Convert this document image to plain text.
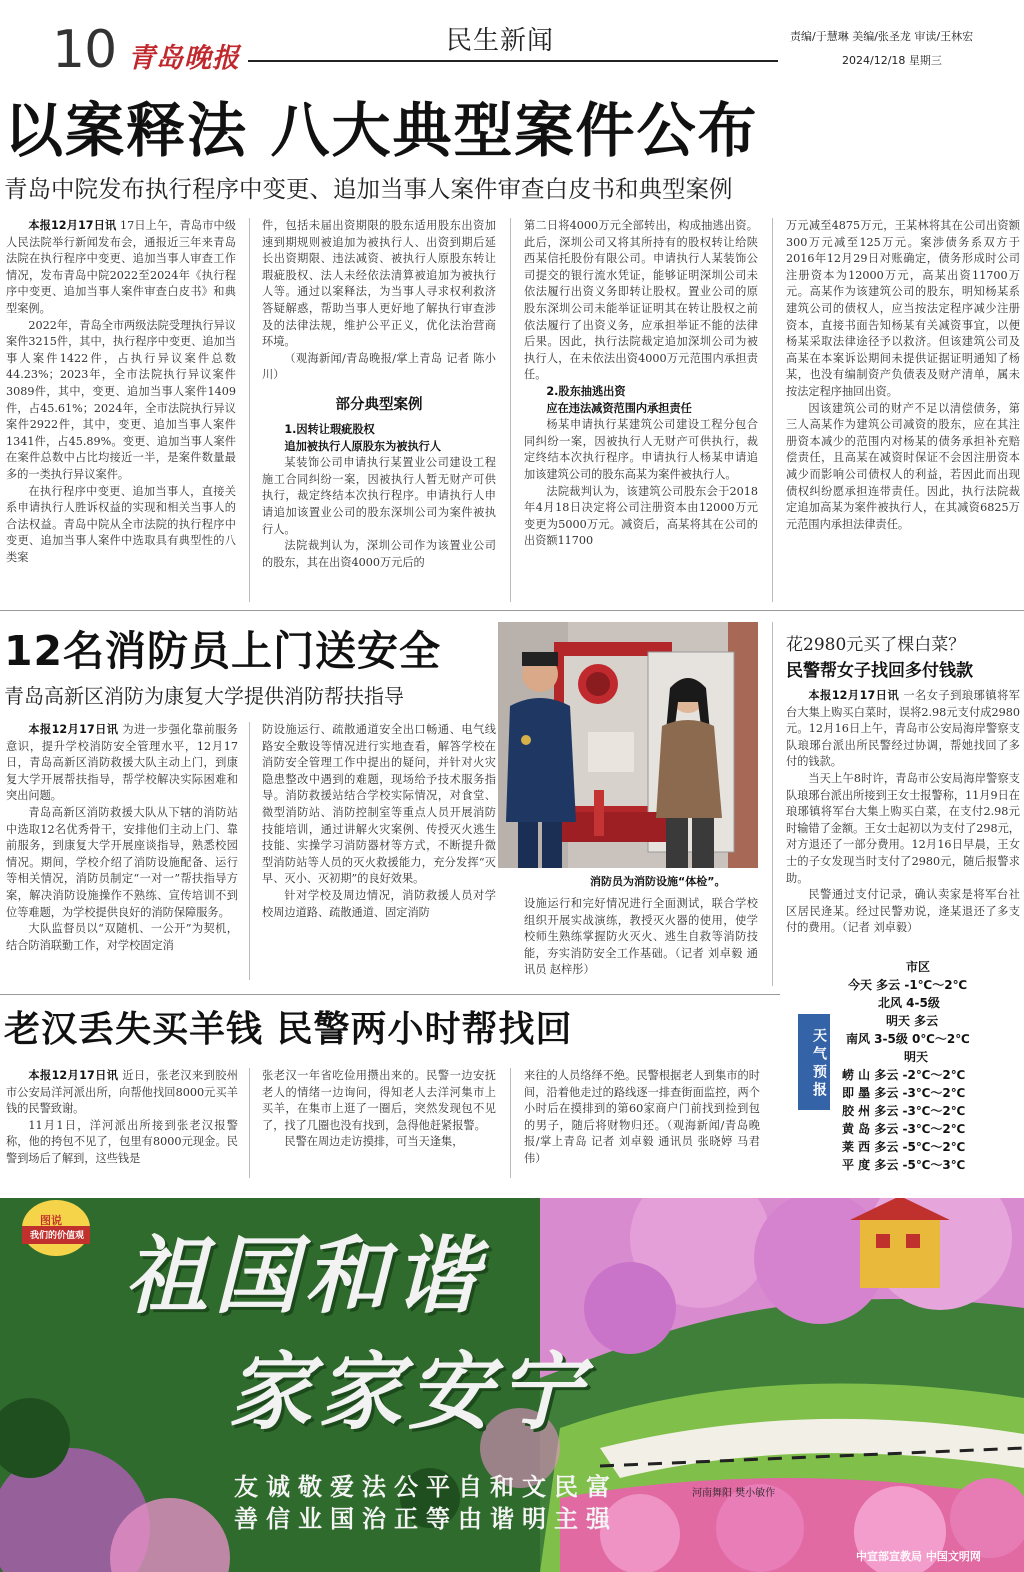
10 青岛晚报
民生新闻	责编/于慧琳 美编/张圣龙 审读/王林宏
2024/12/18 星期三
以案释法 八大典型案件公布
青岛中院发布执行程序中变更、追加当事人案件审查白皮书和典型案例

本报12月17日讯 17日上午，青岛市中级人民法院举行新闻发布会，通报近三年来青岛法院在执行程序中变更、追加当事人审查工作情况，发布青岛中院2022至2024年《执行程序中变更、追加当事人案件审查白皮书》和典型案例。

2022年，青岛全市两级法院受理执行异议案件3215件，其中，执行程序中变更、追加当事人案件1422件，占执行异议案件总数44.23%；2023年，全市法院执行异议案件3089件，其中，变更、追加当事人案件1409件，占45.61%；2024年，全市法院执行异议案件2922件，其中，变更、追加当事人案件1341件，占45.89%。变更、追加当事人案件在案件总数中占比均接近一半，是案件数量最多的一类执行异议案件。

在执行程序中变更、追加当事人，直接关系申请执行人胜诉权益的实现和相关当事人的合法权益。青岛中院从全市法院的执行程序中变更、追加当事人案件中选取具有典型性的八类案

件，包括未届出资期限的股东适用股东出资加速到期规则被追加为被执行人、出资到期后延长出资期限、违法减资、被执行人原股东转让瑕疵股权、法人未经依法清算被追加为被执行人等。通过以案释法，为当事人寻求权利救济答疑解惑，帮助当事人更好地了解执行审查涉及的法律法规，维护公平正义，优化法治营商环境。

（观海新闻/青岛晚报/掌上青岛 记者 陈小川）

部分典型案例

1.因转让瑕疵股权

追加被执行人原股东为被执行人

某装饰公司申请执行某置业公司建设工程施工合同纠纷一案，因被执行人暂无财产可供执行，裁定终结本次执行程序。申请执行人申请追加该置业公司的股东深圳公司为案件被执行人。

法院裁判认为，深圳公司作为该置业公司的股东，其在出资4000万元后的

第二日将4000万元全部转出，构成抽逃出资。此后，深圳公司又将其所持有的股权转让给陕西某信托股份有限公司。申请执行人某装饰公司提交的银行流水凭证，能够证明深圳公司未依法履行出资义务即转让股权。置业公司的原股东深圳公司未能举证证明其在转让股权之前依法履行了出资义务，应承担举证不能的法律后果。因此，执行法院裁定追加深圳公司为被执行人，在未依法出资4000万元范围内承担责任。

2.股东抽逃出资

应在违法减资范围内承担责任

杨某申请执行某建筑公司建设工程分包合同纠纷一案，因被执行人无财产可供执行，裁定终结本次执行程序。申请执行人杨某申请追加该建筑公司的股东高某为案件被执行人。

法院裁判认为，该建筑公司股东会于2018年4月18日决定将公司注册资本由12000万元变更为5000万元。减资后，高某将其在公司的出资额11700

万元减至4875万元，王某林将其在公司出资额300万元减至125万元。案涉债务系双方于2016年12月29日对账确定，债务形成时公司注册资本为12000万元，高某出资11700万元。高某作为该建筑公司的股东，明知杨某系建筑公司的债权人，应当按法定程序减少注册资本，直接书面告知杨某有关减资事宜，以便杨某采取法律途径予以救济。但该建筑公司及高某在本案诉讼期间未提供证据证明通知了杨某，也没有编制资产负债表及财产清单，属未按法定程序抽回出资。

因该建筑公司的财产不足以清偿债务，第三人高某作为建筑公司减资的股东，应在其注册资本减少的范围内对杨某的债务承担补充赔偿责任，且高某在减资时保证不会因注册资本减少而影响公司债权人的利益，若因此而出现债权纠纷愿承担连带责任。因此，执行法院裁定追加高某为案件被执行人，在其减资6825万元范围内承担法律责任。

12名消防员上门送安全
青岛高新区消防为康复大学提供消防帮扶指导

本报12月17日讯 为进一步强化靠前服务意识，提升学校消防安全管理水平，12月17日，青岛高新区消防救援大队主动上门，到康复大学开展帮扶指导，帮学校解决实际困难和突出问题。

青岛高新区消防救援大队从下辖的消防站中选取12名优秀骨干，安排他们主动上门、靠前服务，到康复大学开展座谈指导，熟悉校园情况。期间，学校介绍了消防设施配备、运行等相关情况，消防员制定“一对一”帮扶指导方案，解决消防设施操作不熟练、宣传培训不到位等难题，为学校提供良好的消防保障服务。

大队监督员以“双随机、一公开”为契机，结合防消联勤工作，对学校固定消

防设施运行、疏散通道安全出口畅通、电气线路安全敷设等情况进行实地查看，解答学校在消防安全管理工作中提出的疑问，并针对火灾隐患整改中遇到的难题，现场给予技术服务指导。消防救援站结合学校实际情况，对食堂、微型消防站、消防控制室等重点人员开展消防技能培训，通过讲解火灾案例、传授灭火逃生技能、实操学习消防器材等方式，不断提升微型消防站等人员的灭火救援能力，充分发挥“灭早、灭小、灭初期”的良好效果。

针对学校及周边情况，消防救援人员对学校周边道路、疏散通道、固定消防

消防员为消防设施“体检”。

设施运行和完好情况进行全面测试，联合学校组织开展实战演练，教授灭火器的使用，使学校师生熟练掌握防火灭火、逃生自救等消防技能，夯实消防安全工作基础。（记者 刘卓毅 通讯员 赵梓彤）

花2980元买了棵白菜？
民警帮女子找回多付钱款

本报12月17日讯 一名女子到琅琊镇将军台大集上购买白菜时，误将2.98元支付成2980元。12月16日上午，青岛市公安局海岸警察支队琅琊台派出所民警经过协调，帮她找回了多付的钱款。

当天上午8时许，青岛市公安局海岸警察支队琅琊台派出所接到王女士报警称，11月9日在琅琊镇将军台大集上购买白菜，在支付2.98元时输错了金额。王女士起初以为支付了298元，对方退还了一部分费用。12月16日早晨，王女士的子女发现当时支付了2980元，随后报警求助。

民警通过支付记录，确认卖家是将军台社区居民逄某。经过民警劝说，逄某退还了多支付的费用。（记者 刘卓毅）

天气预报
市区
今天 多云 -1℃～2℃
北风 4-5级
明天 多云
南风 3-5级 0℃～2℃
明天
崂 山 多云 -2℃～2℃
即 墨 多云 -3℃～2℃
胶 州 多云 -3℃～2℃
黄 岛 多云 -3℃～2℃
莱 西 多云 -5℃～2℃
平 度 多云 -5℃～3℃
老汉丢失买羊钱 民警两小时帮找回

本报12月17日讯 近日，张老汉来到胶州市公安局洋河派出所，向帮他找回8000元买羊钱的民警致谢。

11月1日，洋河派出所接到张老汉报警称，他的挎包不见了，包里有8000元现金。民警到场后了解到，这些钱是

张老汉一年省吃俭用攒出来的。民警一边安抚老人的情绪一边询问，得知老人去洋河集市上买羊，在集市上逛了一圈后，突然发现包不见了，找了几圈也没有找到，急得他赶紧报警。

民警在周边走访摸排，可当天逢集，

来往的人员络绎不绝。民警根据老人到集市的时间，沿着他走过的路线逐一排查街面监控，两个小时后在摸排到的第60家商户门前找到捡到包的男子，随后将财物归还。（观海新闻/青岛晚报/掌上青岛 记者 刘卓毅 通讯员 张晓婷 马君伟）

图说
我们的价值观 祖国和谐
家家安宁
友诚敬爱法公平自和文民富
善信业国治正等由谐明主强
河南舞阳 樊小敏作
中宣部宣教局 中国文明网
